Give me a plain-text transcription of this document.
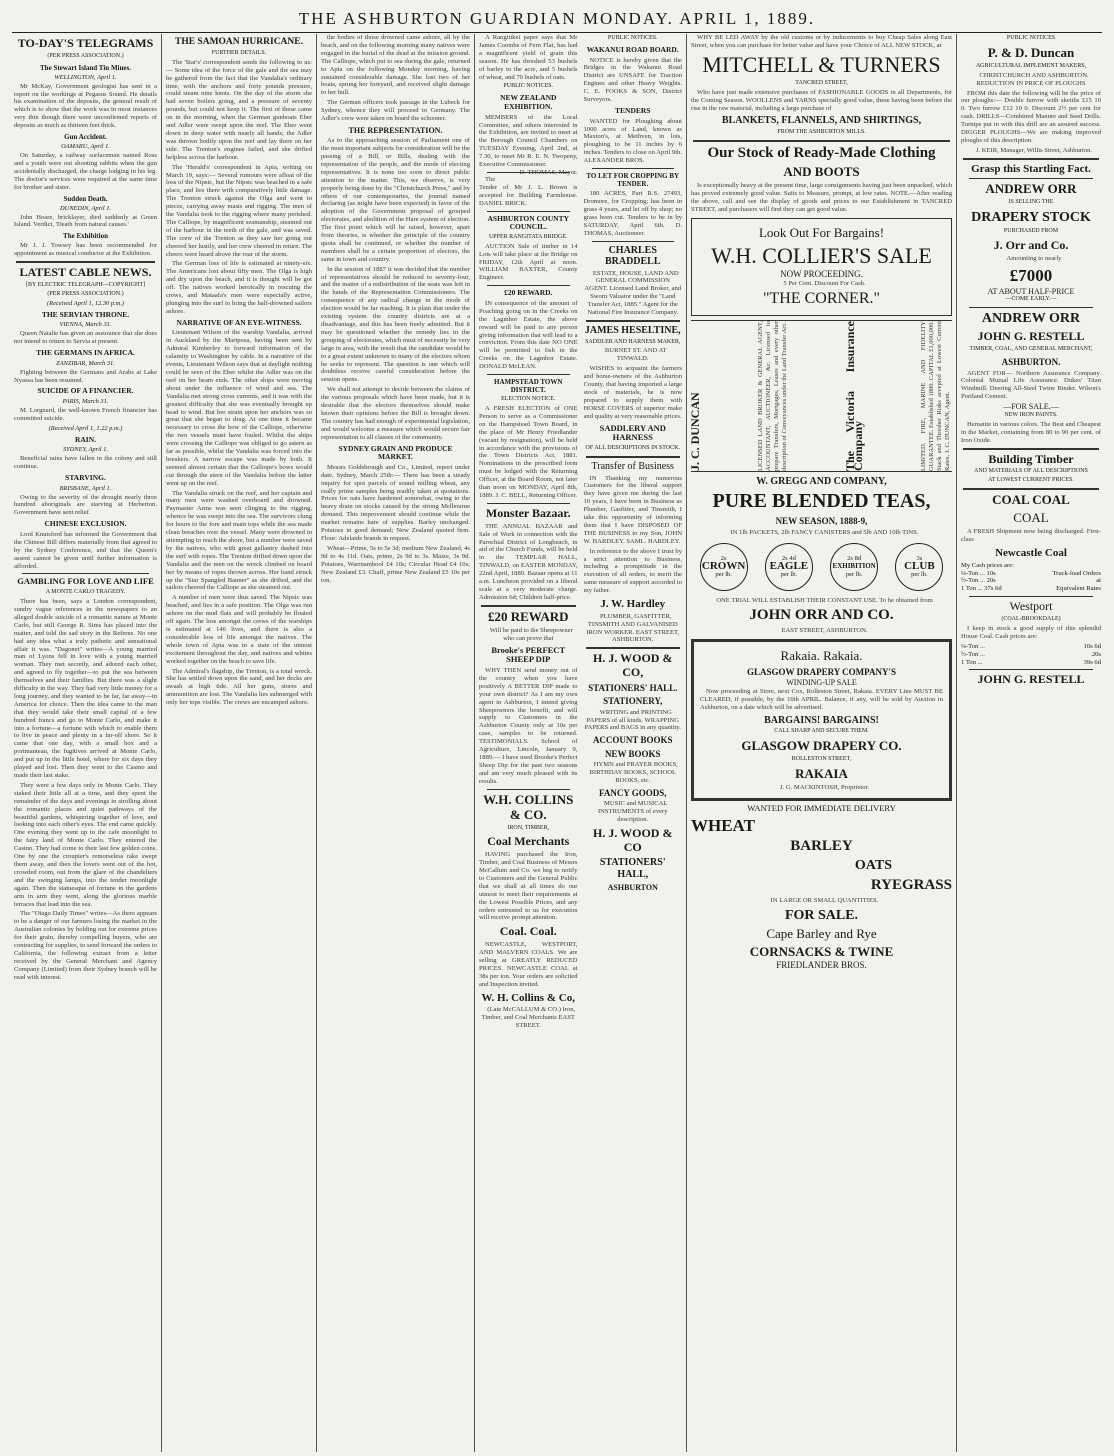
THE ASHBURTON GUARDIAN MONDAY. APRIL 1, 1889.
TO-DAY'S TELEGRAMS
(PER PRESS ASSOCIATION.)
The Stewart Island Tin Mines.
WELLINGTON, April 1.

Mr McKay, Government geologist has sent in a report on the workings at Pegasus Sound. He details his examination of the deposits, the general result of which is to show that the work was in most instances very thin though there were unconfirmed reports of deposits as much as thirteen feet thick.

Gun Accident.
OAMARU, April 1.

On Saturday, a railway surfaceman named Ross and a youth were out shooting rabbits when the gun accidentally discharged, the charge lodging in his leg. The doctor's services were required at the same time for brother and sister.

Sudden Death.
DUNEDIN, April 1.

John Hoare, bricklayer, died suddenly at Green Island. Verdict, 'Death from natural causes.'

The Exhibition

Mr J. J. Towsey has been recommended for appointment as musical conductor at the Exhibition.

LATEST CABLE NEWS.
[BY ELECTRIC TELEGRAPH—COPYRIGHT]
(PER PRESS ASSOCIATION.)
(Received April 1, 12.30 p.m.)
THE SERVIAN THRONE.
VIENNA, March 31.

Queen Natalie has given an assurance that she does not intend to return to Servia at present.

THE GERMANS IN AFRICA.
ZANZIBAR, March 31.

Fighting between the Germans and Arabs at Lake Nyassa has been resumed.

SUICIDE OF A FINANCIER.
PARIS, March 31.

M. Lorgnard, the well-known French financier has committed suicide.

(Received April 1, 1.22 p.m.)
RAIN.
SYDNEY, April 1.

Beneficial rains have fallen in the colony and still continue.

STARVING.
BRISBANE, April 1.

Owing to the severity of the drought nearly three hundred aboriginals are starving at Herberton. Government have sent relief.

CHINESE EXCLUSION.

Lord Knutsford has informed the Government that the Chinese Bill differs materially from that agreed to by the Sydney Conference, and that the Queen's assent cannot be given until further information is afforded.

GAMBLING FOR LOVE AND LIFE
A MONTE CARLO TRAGEDY.

There has been, says a London correspondent, sundry vague references in the newspapers to an alleged double suicide of a romantic nature at Monte Carlo, but still George R. Sims has placed into the matter, and told the sad story in the Referee. No one had any idea what a truly pathetic and sensational affair it was. "Dagonet" writes—A young married man of Lyons fell in love with a young married woman. They met secretly, and adored each other, and agreed to fly together—to put the sea between themselves and their families. But there was a slight difficulty in the way. They had very little money for a long journey, and they wanted to be far, far away—in America for choice. Then the idea came to the man that they would take their small capital of a few hundred francs and go to Monte Carlo, and make it into a fortune—a fortune with which to enable them to live in peace and plenty in a far-off shore. So it came that one day, with a small box and a portmanteau, the fugitives arrived at Monte Carlo, and put up in the little hotel, where for six days they played and lost. Then they went to the Casino and made their last stake.

They were a few days only in Monte Carlo. They staked their little all at a time, and they spent the remainder of the days and evenings in strolling about the romantic places and quiet pathways of the beautiful gardens, whispering together of love, and looking into each other's eyes. The end came quickly. One evening they went up to the cafe moonlight to the fairy land of Monte Carlo. They entered the Casino. They had come to their last few golden coins. One by one the croupier's remorseless rake swept them away, and then the lovers went out of the hot, crowded room, out from the glare of the chandeliers and the swinging lamps, into the tender moonlight again. Then the statuesque of fortune in the gardens arm in arm they went, along the glorious marble terraces that lead into the sea.

The "Otago Daily Times" writes—As there appears to be a danger of our farmers losing the market in the Australian colonies by holding out for extreme prices for their grain, thereby compelling buyers, who are contracting for supplies, to send forward the orders to California, the following extract from a letter received by the General Merchant and Agency Company (Limited) from their Sydney branch will be read with interest.

THE SAMOAN HURRICANE.
FURTHER DETAILS.

The 'Star's' correspondent sends the following to us:— Some idea of the force of the gale and the sea may be gathered from the fact that the Vandalia's ordinary time, with the anchors and forty pounds pressure, could steam nine knots. On the day of the storm she had seven boilers going, and a pressure of seventy pounds, but could not keep it. The first of these came on in the morning, when the German gunboats Eber and Adler were swept upon the reef. The Eber went down in deep water with nearly all hands; the Adler was thrown bodily upon the reef and lay there on her side. The Trenton's engines failed, and she drifted helpless across the harbour.

The 'Herald's' correspondent in Apia, writing on March 19, says:— Several rumours were afloat of the loss of the Nipsic, but the Nipsic was beached in a safe place, and lies there with comparatively little damage. The Trenton struck against the Olga and went to pieces, carrying away masts and rigging. The men of the Vandalia took to the rigging where many perished. The Calliope, by magnificent seamanship, steamed out of the harbour in the teeth of the gale, and was saved. The crew of the Trenton as they saw her going out cheered her lustily, and her crew cheered in return. The cheers were heard above the roar of the storm.

The German loss of life is estimated at ninety-six. The Americans lost about fifty men. The Olga is high and dry upon the beach, and it is thought will be got off. The natives worked heroically in rescuing the crews, and Mataafa's men were especially active, plunging into the surf to bring the half-drowned sailors ashore.

NARRATIVE OF AN EYE-WITNESS.

Lieutenant Wilson of the warship Vandalia, arrived in Auckland by the Mariposa, having been sent by Admiral Kimberley to forward information of the calamity to Washington by cable. In a narrative of the events, Lieutenant Wilson says that at daylight nothing could be seen of the Eber whilst the Adler was on the reef on her beam ends. The other ships were moving about under the influence of wind and sea. The Vandalia met strong cross currents, and it was with the greatest difficulty that she was eventually brought up head to wind. But her strain upon her anchors was so great that she began to drag. At one time it became necessary to cross the bow of the Calliope, otherwise the two vessels must have fouled. Whilst the ships were crossing the Calliope was obliged to go astern as far as possible, whilst the Vandalia was forced into the breakers. A narrow escape was made by both. It seemed almost certain that the Calliope's bows would cut through the stern of the Vandalia before the latter went up on the reef.

The Vandalia struck on the reef, and her captain and many men were washed overboard and drowned. Paymaster Arms was seen clinging to the rigging, whence he was swept into the sea. The survivors clung for hours to the fore and main tops while the sea made clean breaches over the vessel. Many were drowned in attempting to reach the shore, but a number were saved by the natives, who with great gallantry dashed into the surf with ropes. The Trenton drifted down upon the Vandalia and the men on the wreck climbed on board her by means of ropes thrown across. Her band struck up the "Star Spangled Banner" as she drifted, and the sailors cheered the Calliope as she steamed out.

A number of men were thus saved. The Nipsic was beached, and lies in a safe position. The Olga was run ashore on the mud flats and will probably be floated off again. The loss amongst the crews of the warships is estimated at 146 lives, and there is also a considerable loss of life amongst the natives. The whole town of Apia was in a state of the utmost excitement throughout the day, and natives and whites worked together on the beach to save life.

The Admiral's flagship, the Trenton, is a total wreck. She has settled down upon the sand, and her decks are awash at high tide. All her guns, stores and ammunition are lost. The Vandalia lies submerged with only her tops visible. The crews are encamped ashore.

the bodies of those drowned came ashore, all by the beach, and on the following morning many natives were engaged in the burial of the dead at the mission ground. The Calliope, which put to sea during the gale, returned to Apia on the following Monday morning, having sustained considerable damage. She lost two of her boats, sprung her foreyard, and received slight damage to her hull.

The German officers took passage in the Lubeck for Sydney, whence they will proceed to Germany. The Adler's crew were taken on board the schooner.

THE REPRESENTATION.

As to the approaching session of Parliament one of the most important subjects for consideration will be the passing of a Bill, or Bills, dealing with the representation of the people, and the mode of electing representatives. It is none too soon to direct public attention to the matter. This, we observe, is very properly being done by the "Christchurch Press," and by others of our contemporaries, the journal named declaring (as might have been expected) in favor of the adoption of the Government proposal of grouped electorates, and abolition of the Hare system of election. The first point which will be raised, however, apart from theories, is whether the principle of the country quota shall be continued, or whether the number of members shall be a certain proportion of electors, the same in town and country.

In the session of 1887 it was decided that the number of representatives should be reduced to seventy-four, and the matter of a redistribution of the seats was left in the hands of the Representation Commissioners. The consequence of any radical change in the mode of election would be far reaching. It is plain that under the existing system the country districts are at a disadvantage, and this has been freely admitted. But it may be questioned whether the remedy lies in the grouping of electorates, which must of necessity be very large in area, with the result that the candidate would be to a great extent unknown to many of the electors whom he seeks to represent. The question is one which will doubtless receive careful consideration before the session opens.

We shall not attempt to decide between the claims of the various proposals which have been made, but it is desirable that the electors themselves should make known their opinions before the Bill is brought down. The country has had enough of experimental legislation, and would welcome a measure which would secure fair representation to all classes of the community.

SYDNEY GRAIN AND PRODUCE MARKET.

Messrs Goldsbrough and Co., Limited, report under date, Sydney, March 25th:— There has been a steady inquiry for spot parcels of sound milling wheat, any really prime samples being readily taken at quotations. Prices for oats have hardened somewhat, owing to the heavy drain on stocks caused by the strong Melbourne demand. This improvement should continue while the market remains bare of supplies. Barley unchanged. Potatoes in good demand; New Zealand quoted firm. Flour: Adelaide brands in request.

Wheat—Prime, 5s to 5s 3d; medium New Zealand, 4s 9d to 4s 11d. Oats, prime, 2s 9d to 3s. Maize, 3s 9d. Potatoes, Warrnambool £4 10s; Circular Head £4 10s; New Zealand £3. Chaff, prime New Zealand £5 10s per ton.

A Rangitikei paper says that Mr James Coombs of Fern Flat, has had a magnificent yield of grain this season. He has threshed 53 bushels of barley to the acre, and 5 bushels of wheat, and 70 bushels of oats.

PUBLIC NOTICES.
NEW ZEALAND EXHIBITION.

MEMBERS of the Local Committee, and others interested in the Exhibition, are invited to meet at the Borough Council Chambers on TUESDAY Evening, April 2nd, at 7.30, to meet Mr R. E. N. Twopeny, Executive Commissioner.

D. THOMAS, Mayor.

The Tender of Mr J. L. Brown is accepted for Building Farmhouse. DANIEL BRICK.

ASHBURTON COUNTY COUNCIL.
UPPER RANGITATA BRIDGE.

AUCTION Sale of timber in 14 Lots will take place at the Bridge on FRIDAY, 12th April at noon. WILLIAM BAXTER, County Engineer.

£20 REWARD.

IN consequence of the amount of Poaching going on in the Creeks on the Lagmhor Estate, the above reward will be paid to any person giving information that will lead to a conviction. From this date NO ONE will be permitted to fish in the Creeks on the Lagmhor Estate. DONALD McLEAN.

HAMPSTEAD TOWN DISTRICT.
ELECTION NOTICE.

A FRESH ELECTION of ONE Person to serve as a Commissioner on the Hampstead Town Board, in the place of Mr Henry Friedlander (vacant by resignation), will be held in accordance with the provisions of the Town Districts Act, 1881. Nominations in the prescribed form must be lodged with the Returning Officer, at the Board Room, not later than noon on MONDAY, April 8th, 1889. J. C. BELL, Returning Officer.

Monster Bazaar.

THE ANNUAL BAZAAR and Sale of Work in connection with the Parochial District of Longbeach, in aid of the Church Funds, will be held in the TEMPLAR HALL, TINWALD, on EASTER MONDAY, 22nd April, 1889. Bazaar opens at 11 a.m. Luncheon provided on a liberal scale at a very moderate charge. Admission 6d; Children half-price.

£20 REWARD

Will be paid to the Sheepowner who can prove that

Brooke's PERFECT SHEEP DIP

WHY THEN send money out of the country when you have positively A BETTER DIP made to your own district? As I am my own agent in Ashburton, I intend giving Sheepowners the benefit, and will supply to Customers in the Ashburton County only at 10s per case, samples to be returned. TESTIMONIALS. School of Agriculture, Lincoln, January 9, 1889.— I have used Brooke's Perfect Sheep Dip for the past two seasons and am very much pleased with its results.

W.H. COLLINS & CO.
IRON, TIMBER,
Coal Merchants

HAVING purchased the Iron, Timber, and Coal Business of Messrs McCallum and Co. we beg to notify to Customers and the General Public that we shall at all times do our utmost to meet their requirements at the Lowest Possible Prices, and any orders entrusted to us for execution will receive prompt attention.

Coal. Coal.

NEWCASTLE, WESTPORT, AND MALVERN COALS. We are selling at GREATLY REDUCED PRICES. NEWCASTLE COAL at 38s per ton. Your orders are solicited and Inspection invited.

W. H. Collins & Co,

(Late McCALLUM & CO.) Iron, Timber, and Coal Merchants EAST STREET.

PUBLIC NOTICES.
WAKANUI ROAD BOARD.

NOTICE is hereby given that the Bridges in the Wakanui Road District are UNSAFE for Traction Engines and other Heavy Weights. C. E. FOOKS & SON, District Surveyors.

TENDERS

WANTED for Ploughing about 1000 acres of Land, known as Maxton's, at Methven, in lots, ploughing to be 11 inches by 6 inches. Tenders to close on April 9th. ALEXANDER BROS.

TO LET FOR CROPPING BY TENDER.

180 ACRES, Part R.S. 27493, Dromore, for Cropping; has been in grass 4 years, and let off by shop; no grass been cut. Tenders to be in by SATURDAY, April 6th. D. THOMAS, Auctioneer.

CHARLES BRADDELL

ESTATE, HOUSE, LAND AND GENERAL COMMISSION AGENT. Licensed Land Broker, and Sworn Valuator under the "Land Transfer Act, 1885." Agent for the National Fire Insurance Company.

JAMES HESELTINE,
SADDLER AND HARNESS MAKER,

BURNET ST. AND AT TINWALD.

WISHES to acquaint the farmers and horse-owners of the Ashburton County, that having imported a large stock of materials, he is now prepared to supply them with HORSE COVERS of superior make and quality at very reasonable prices.

SADDLERY AND HARNESS
OF ALL DESCRIPTIONS IN STOCK.
Transfer of Business

IN Thanking my numerous Customers for the liberal support they have given me during the last 10 years, I have been in Business as Plumber, Gasfitter, and Tinsmith, I take this opportunity of informing them that I have DISPOSED OF THE BUSINESS to my Son, JOHN W. HARDLEY. SAML. HARDLEY.

In reference to the above I trust by a strict attention to Business, including a promptitude in the execution of all orders, to merit the same measure of support accorded to my father.

J. W. Hardley

PLUMBER, GASFITTER, TINSMITH AND GALVANISED IRON WORKER. EAST STREET, ASHBURTON.

H. J. WOOD & CO,
STATIONERS' HALL.
STATIONERY,

WRITING and PRINTING PAPERS of all kinds. WRAPPING PAPERS and BAGS in any quantity.

ACCOUNT BOOKS
NEW BOOKS

HYMN and PRAYER BOOKS, BIRTHDAY BOOKS, SCHOOL BOOKS, etc.

FANCY GOODS,

MUSIC and MUSICAL INSTRUMENTS of every description.

H. J. WOOD & CO
STATIONERS' HALL,
ASHBURTON

WHY BE LED AWAY by the old customs or by inducements to buy Cheap Sales along East Street, when you can purchase for better value and have your Choice of ALL NEW STOCK, at

MITCHELL & TURNERS
TANCRED STREET,

Who have just made extensive purchases of FASHIONABLE GOODS in all Departments, for the Coming Season. WOOLLENS and YARNS specially good value, these having been before the rise in the raw material, including a large purchase of

BLANKETS, FLANNELS, AND SHIRTINGS,
FROM THE ASHBURTON MILLS.
Our Stock of Ready-Made Clothing
AND BOOTS

Is exceptionally heavy at the present time, large consignments having just been unpacked, which has proved extremely good value. Suits to Measure, prompt, at low rates. NOTE.—After reading the above, call and see the display of goods and prices to our Establishment in TANCRED STREET, and purchasers will find they can get good value.

Look Out For Bargains!
W.H. COLLIER'S SALE
NOW PROCEEDING.

5 Per Cent. Discount For Cash.

"THE CORNER."
J. C. DUNCAN	LICENSED LAND BROKER & GENERAL AGENT, ACCOUNTANT, AUCTIONEER, &c. Licensed to prepare Transfers, Mortgages, Leases and every other description of Conveyances under the Land Transfer Act.	The Victoria Insurance Company	LIMITED. FIRE, MARINE AND FIDELITY GUARANTEE. Established 1880. CAPITAL £1,000,000. Stack and Thresher Risks accepted at Lowest Current Rates. J. C. DUNCAN, Agent.
W. GREGG AND COMPANY,
PURE BLENDED TEAS,
NEW SEASON, 1888-9,

IN 1lb PACKETS, 2lb FANCY CANISTERS and 5lb AND 10lb TINS.

2s
CROWN
per lb.
2s 4d
EAGLE
per lb.
2s 8d
EXHIBITION
per lb.
3s
CLUB
per lb.

ONE TRIAL WILL ESTABLISH THEIR CONSTANT USE. To be obtained from

JOHN ORR AND CO.

EAST STREET, ASHBURTON.

Rakaia. Rakaia.
GLASGOW DRAPERY COMPANY'S
WINDING-UP SALE

Now proceeding at Store, next Cox, Rolleston Street, Rakaia. EVERY Line MUST BE CLEARED, if possible, by the 10th APRIL. Balance, if any, will be sold by Auction in Ashburton, on a date which will be advertised.

BARGAINS! BARGAINS!
CALL SHARP AND SECURE THEM.
GLASGOW DRAPERY CO.
ROLLESTON STREET,
RAKAIA

J. G. MACKINTOSH, Proprietor.

WANTED FOR IMMEDIATE DELIVERY
WHEAT
BARLEY
OATS
RYEGRASS

IN LARGE OR SMALL QUANTITIES.

FOR SALE.
Cape Barley and Rye
CORNSACKS & TWINE
FRIEDLANDER BROS.
PUBLIC NOTICES
P. & D. Duncan
AGRICULTURAL IMPLEMENT MAKERS,

CHRISTCHURCH AND ASHBURTON. REDUCTION IN PRICE OF PLOUGHS

FROM this date the following will be the price of our ploughs:— Double furrow with skeiths £15 10 0. Two furrow £12 10 0. Discount 2½ per cent for cash. DRILLS—Combined Manure and Seed Drills. Turnips put in with this drill are an assured success. DIGGER PLOUGHS—We are making improved ploughs of this description.

J. KEIR, Manager, Willis Street, Ashburton.

Grasp this Startling Fact.
ANDREW ORR
IS SELLING THE
DRAPERY STOCK
PURCHASED FROM
J. Orr and Co.

Amounting to nearly

£7000
AT ABOUT HALF-PRICE
—COME EARLY.—
ANDREW ORR
JOHN G. RESTELL
TIMBER, COAL, AND GENERAL MERCHANT,
ASHBURTON.

AGENT FOR— Northern Assurance Company. Colonial Mutual Life Assurance. Dukes' Titan Windmill. Deering All-Steel Twine Binder. Wilson's Portland Cement.

—FOR SALE.—
NEW IRON PAINTS.

Hematite in various colors. The Best and Cheapest in the Market, containing from 80 to 90 per cent. of Iron Oxide.

Building Timber
AND MATERIALS OF ALL DESCRIPTIONS
AT LOWEST CURRENT PRICES.
COAL COAL
COAL

A FRESH Shipment now being discharged. First-class

Newcastle Coal
My Cash prices are:
¼-Ton ... 10s	Truck-load Orders
½-Ton ... 20s	at
1 Ton ... 37s 6d	Equivalent Rates
Westport
(COAL-BROOKDALE)

I keep in stock a good supply of this splendid House Coal. Cash prices are:

¼-Ton ...	10s 6d
½-Ton ...	20s
1 Ton ...	39s 6d
JOHN G. RESTELL
